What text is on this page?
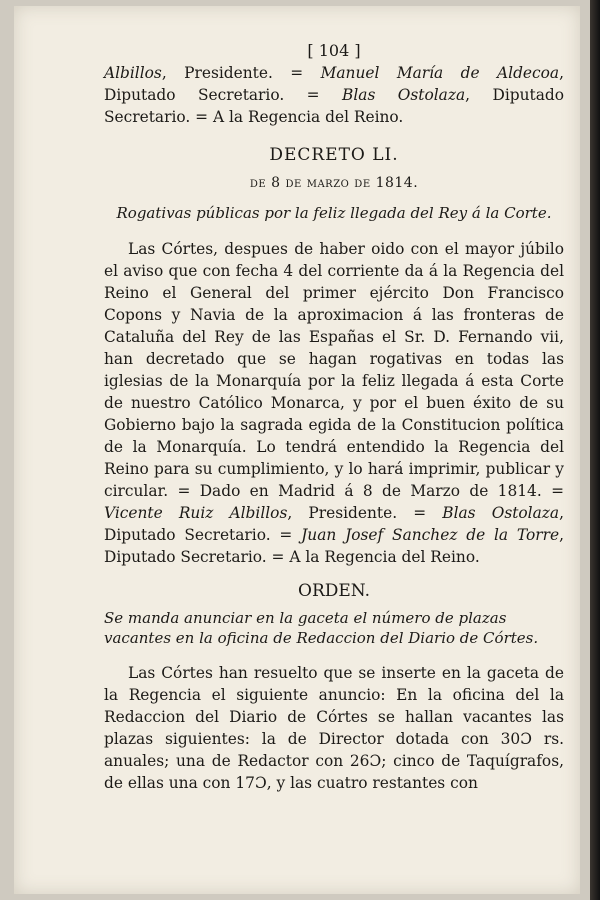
[ 104 ]

Albillos, Presidente. = Manuel María de Aldecoa, Diputado Secretario. = Blas Ostolaza, Diputado Secretario. = A la Regencia del Reino.

DECRETO LI.
de 8 de marzo de 1814.
Rogativas públicas por la feliz llegada del Rey á la Corte.

Las Córtes, despues de haber oido con el mayor júbilo el aviso que con fecha 4 del corriente da á la Regencia del Reino el General del primer ejército Don Francisco Copons y Navia de la aproximacion á las fronteras de Cataluña del Rey de las Españas el Sr. D. Fernando vii, han decretado que se hagan rogativas en todas las iglesias de la Monarquía por la feliz llegada á esta Corte de nuestro Católico Monarca, y por el buen éxito de su Gobierno bajo la sagrada egida de la Constitucion política de la Monarquía. Lo tendrá entendido la Regencia del Reino para su cumplimiento, y lo hará imprimir, publicar y circular. = Dado en Madrid á 8 de Marzo de 1814. = Vicente Ruiz Albillos, Presidente. = Blas Ostolaza, Diputado Secretario. = Juan Josef Sanchez de la Torre, Diputado Secretario. = A la Regencia del Reino.

ORDEN.
Se manda anunciar en la gaceta el número de plazas vacantes en la oficina de Redaccion del Diario de Córtes.

Las Córtes han resuelto que se inserte en la gaceta de la Regencia el siguiente anuncio: En la oficina del la Redaccion del Diario de Córtes se hallan vacantes las plazas siguientes: la de Director dotada con 30Ɔ rs. anuales; una de Redactor con 26Ɔ; cinco de Taquígrafos, de ellas una con 17Ɔ, y las cuatro restantes con
